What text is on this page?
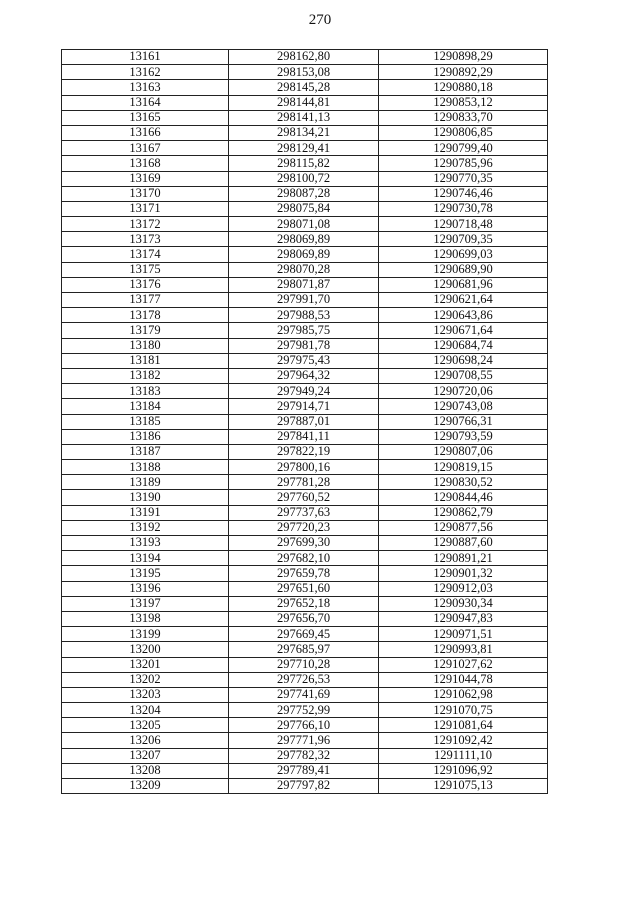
270
13161	298162,80	1290898,29
13162	298153,08	1290892,29
13163	298145,28	1290880,18
13164	298144,81	1290853,12
13165	298141,13	1290833,70
13166	298134,21	1290806,85
13167	298129,41	1290799,40
13168	298115,82	1290785,96
13169	298100,72	1290770,35
13170	298087,28	1290746,46
13171	298075,84	1290730,78
13172	298071,08	1290718,48
13173	298069,89	1290709,35
13174	298069,89	1290699,03
13175	298070,28	1290689,90
13176	298071,87	1290681,96
13177	297991,70	1290621,64
13178	297988,53	1290643,86
13179	297985,75	1290671,64
13180	297981,78	1290684,74
13181	297975,43	1290698,24
13182	297964,32	1290708,55
13183	297949,24	1290720,06
13184	297914,71	1290743,08
13185	297887,01	1290766,31
13186	297841,11	1290793,59
13187	297822,19	1290807,06
13188	297800,16	1290819,15
13189	297781,28	1290830,52
13190	297760,52	1290844,46
13191	297737,63	1290862,79
13192	297720,23	1290877,56
13193	297699,30	1290887,60
13194	297682,10	1290891,21
13195	297659,78	1290901,32
13196	297651,60	1290912,03
13197	297652,18	1290930,34
13198	297656,70	1290947,83
13199	297669,45	1290971,51
13200	297685,97	1290993,81
13201	297710,28	1291027,62
13202	297726,53	1291044,78
13203	297741,69	1291062,98
13204	297752,99	1291070,75
13205	297766,10	1291081,64
13206	297771,96	1291092,42
13207	297782,32	1291111,10
13208	297789,41	1291096,92
13209	297797,82	1291075,13
